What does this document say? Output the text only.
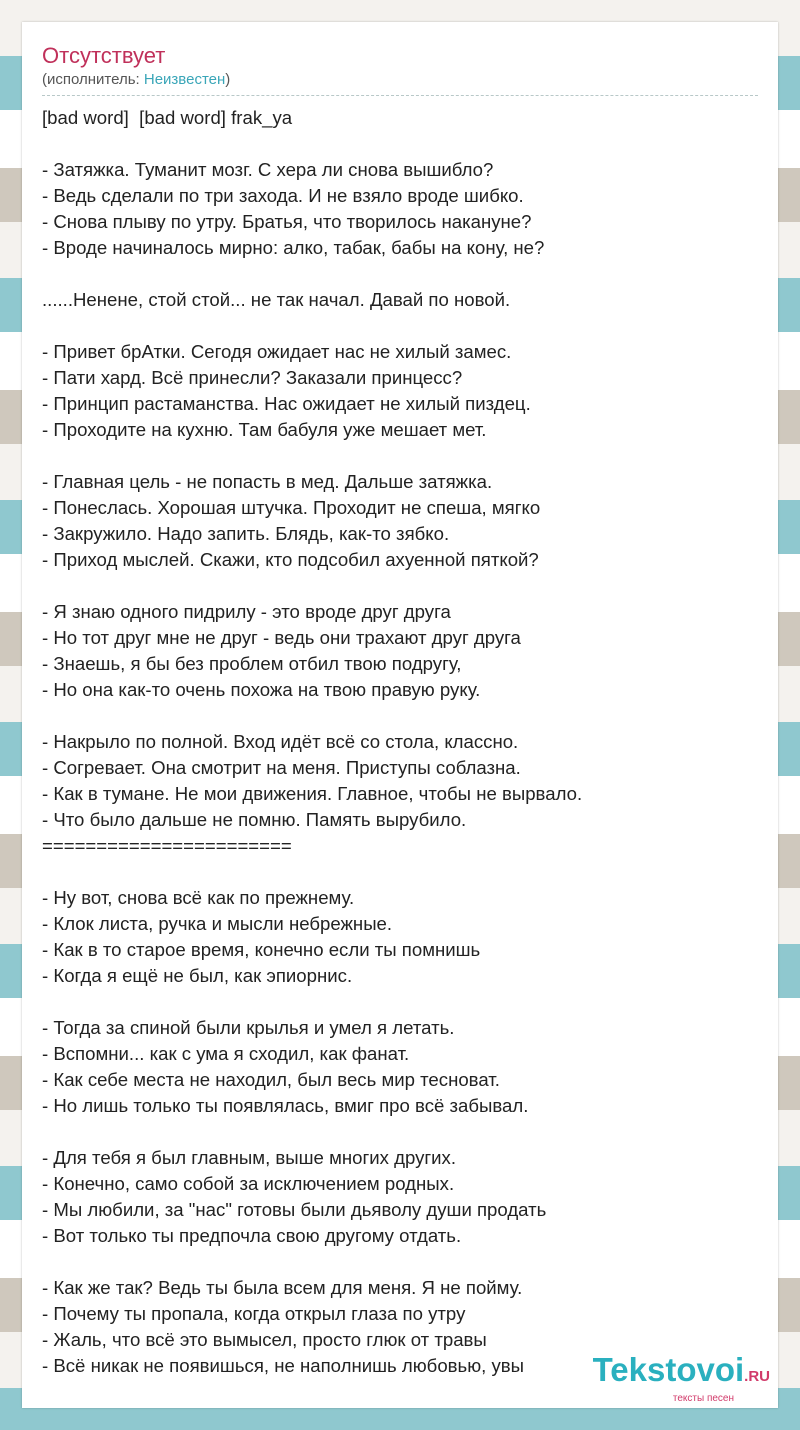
Отсутствует
(исполнитель: Неизвестен)
[bad word]  [bad word] frak_ya
- Затяжка. Туманит мозг. С хера ли снова вышибло?
- Ведь сделали по три захода. И не взяло вроде шибко.
- Снова плыву по утру. Братья, что творилось накануне?
- Вроде начиналось мирно: алко, табак, бабы на кону, не?
......Нененe, стой стой... не так начал. Давай по новой.
- Привет брАтки. Сегодя ожидает нас не хилый замес.
- Пати хард. Всё принесли? Заказали принцесс?
- Принцип растаманства. Нас ожидает не хилый пиздец.
- Проходите на кухню. Там бабуля уже мешает мет.
- Главная цель - не попасть в мед. Дальше затяжка.
- Понеслась. Хорошая штучка. Проходит не спеша, мягко
- Закружило. Надо запить. Блядь, как-то зябко.
- Приход мыслей. Скажи, кто подсобил ахуенной пяткой?
- Я знаю одного пидрилу - это вроде друг друга
- Но тот друг мне не друг - ведь они трахают друг друга
- Знаешь, я бы без проблем отбил твою подругу,
- Но она как-то очень похожа на твою правую руку.
- Накрыло по полной. Вход идёт всё со стола, классно.
- Согревает. Она смотрит на меня. Приступы соблазна.
- Как в тумане. Не мои движения. Главное, чтобы не вырвало.
- Что было дальше не помню. Память вырубило.
=======================
- Ну вот, снова всё как по прежнему.
- Клок листа, ручка и мысли небрежные.
- Как в то старое время, конечно если ты помнишь
- Когда я ещё не был, как эпиорнис.
- Тогда за спиной были крылья и умел я летать.
- Вспомни... как с ума я сходил, как фанат.
- Как себе места не находил, был весь мир тесноват.
- Но лишь только ты появлялась, вмиг про всё забывал.
- Для тебя я был главным, выше многих других.
- Конечно, само собой за исключением родных.
- Мы любили, за "нас" готовы были дьяволу души продать
- Вот только ты предпочла свою другому отдать.
- Как же так? Ведь ты была всем для меня. Я не пойму.
- Почему ты пропала, когда открыл глаза по утру
- Жаль, что всё это вымысел, просто глюк от травы
- Всё никак не появишься, не наполнишь любовью, увы	Tekstovoi.RU
тексты песен
